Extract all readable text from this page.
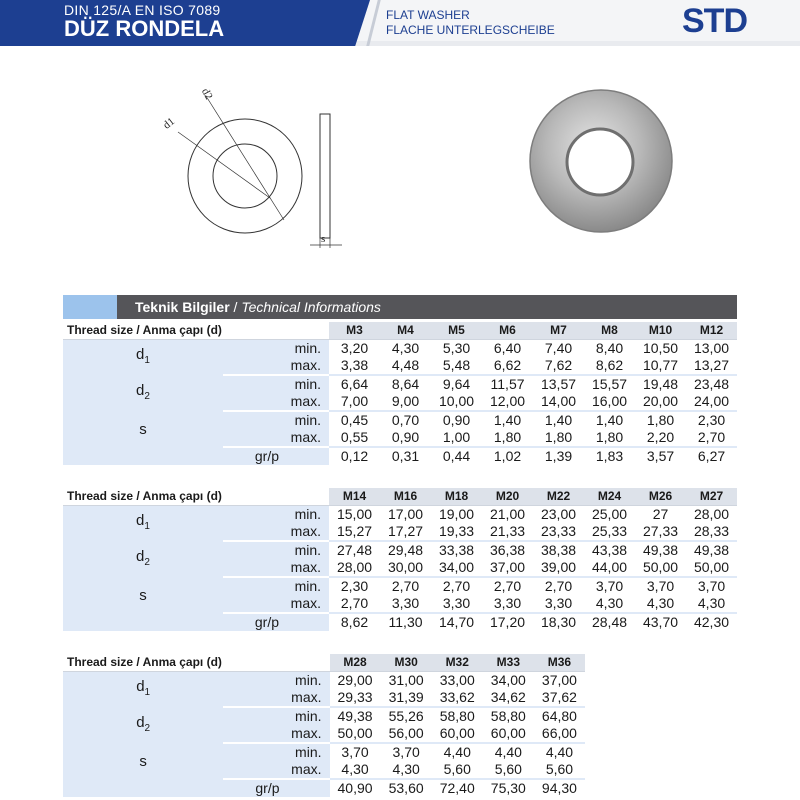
DIN 125/A EN ISO 7089
DÜZ RONDELA
FLAT WASHER
FLACHE UNTERLEGSCHEIBE	STD
d1
d2
s
Teknik Bilgiler / Technical Informations
Thread size / Anma çapı (d)		M3	M4	M5	M6	M7	M8	M10	M12
$d_1$	min.	3,20	4,30	5,30	6,40	7,40	8,40	10,50	13,00
	max.	3,38	4,48	5,48	6,62	7,62	8,62	10,77	13,27
$d_2$	min.	6,64	8,64	9,64	11,57	13,57	15,57	19,48	23,48
	max.	7,00	9,00	10,00	12,00	14,00	16,00	20,00	24,00
s	min.	0,45	0,70	0,90	1,40	1,40	1,40	1,80	2,30
	max.	0,55	0,90	1,00	1,80	1,80	1,80	2,20	2,70
gr/p		0,12	0,31	0,44	1,02	1,39	1,83	3,57	6,27
Thread size / Anma çapı (d)		M14	M16	M18	M20	M22	M24	M26	M27
$d_1$	min.	15,00	17,00	19,00	21,00	23,00	25,00	27	28,00
	max.	15,27	17,27	19,33	21,33	23,33	25,33	27,33	28,33
$d_2$	min.	27,48	29,48	33,38	36,38	38,38	43,38	49,38	49,38
	max.	28,00	30,00	34,00	37,00	39,00	44,00	50,00	50,00
s	min.	2,30	2,70	2,70	2,70	2,70	3,70	3,70	3,70
	max.	2,70	3,30	3,30	3,30	3,30	4,30	4,30	4,30
gr/p		8,62	11,30	14,70	17,20	18,30	28,48	43,70	42,30
Thread size / Anma çapı (d)		M28	M30	M32	M33	M36
$d_1$	min.	29,00	31,00	33,00	34,00	37,00
	max.	29,33	31,39	33,62	34,62	37,62
$d_2$	min.	49,38	55,26	58,80	58,80	64,80
	max.	50,00	56,00	60,00	60,00	66,00
s	min.	3,70	3,70	4,40	4,40	4,40
	max.	4,30	4,30	5,60	5,60	5,60
gr/p		40,90	53,60	72,40	75,30	94,30
